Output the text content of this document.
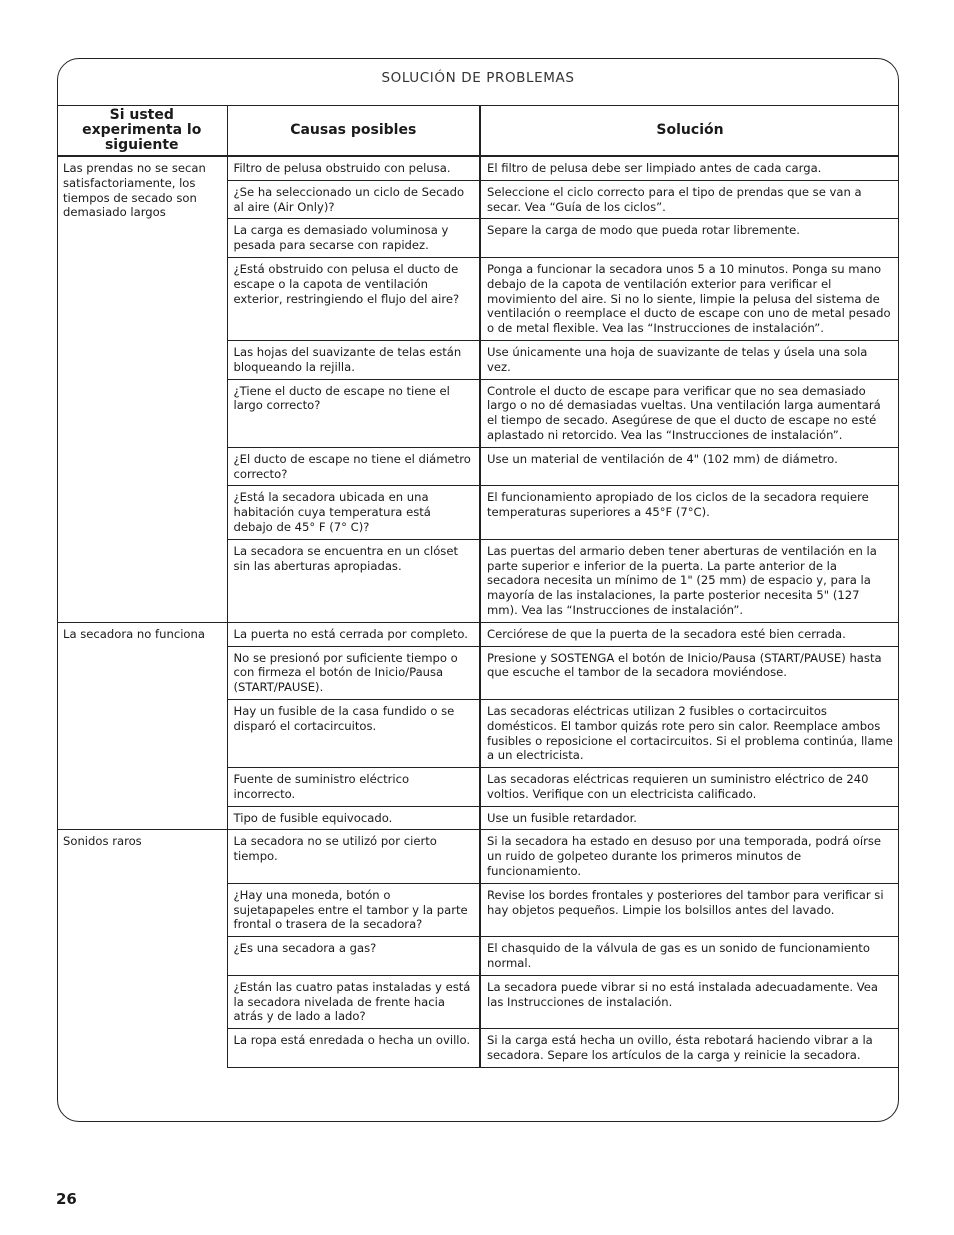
SOLUCIÓN DE PROBLEMAS
Si usted experimenta lo siguiente	Causas posibles	Solución
Las prendas no se secan satisfactoriamente, los tiempos de secado son demasiado largos	Filtro de pelusa obstruido con pelusa.	El filtro de pelusa debe ser limpiado antes de cada carga.
	¿Se ha seleccionado un ciclo de Secado al aire (Air Only)?	Seleccione el ciclo correcto para el tipo de prendas que se van a secar. Vea “Guía de los ciclos”.
	La carga es demasiado voluminosa y pesada para secarse con rapidez.	Separe la carga de modo que pueda rotar libremente.
	¿Está obstruido con pelusa el ducto de escape o la capota de ventilación exterior, restringiendo el flujo del aire?	Ponga a funcionar la secadora unos 5 a 10 minutos. Ponga su mano debajo de la capota de ventilación exterior para verificar el movimiento del aire. Si no lo siente, limpie la pelusa del sistema de ventilación o reemplace el ducto de escape con uno de metal pesado o de metal flexible. Vea las “Instrucciones de instalación”.
	Las hojas del suavizante de telas están bloqueando la rejilla.	Use únicamente una hoja de suavizante de telas y úsela una sola vez.
	¿Tiene el ducto de escape no tiene el largo correcto?	Controle el ducto de escape para verificar que no sea demasiado largo o no dé demasiadas vueltas. Una ventilación larga aumentará el tiempo de secado. Asegúrese de que el ducto de escape no esté aplastado ni retorcido. Vea las “Instrucciones de instalación”.
	¿El ducto de escape no tiene el diámetro correcto?	Use un material de ventilación de 4" (102 mm) de diámetro.
	¿Está la secadora ubicada en una habitación cuya temperatura está debajo de 45° F (7° C)?	El funcionamiento apropiado de los ciclos de la secadora requiere temperaturas superiores a 45°F (7°C).
	La secadora se encuentra en un clóset sin las aberturas apropiadas.	Las puertas del armario deben tener aberturas de ventilación en la parte superior e inferior de la puerta. La parte anterior de la secadora necesita un mínimo de 1" (25 mm) de espacio y, para la mayoría de las instalaciones, la parte posterior necesita 5" (127 mm). Vea las “Instrucciones de instalación”.
La secadora no funciona	La puerta no está cerrada por completo.	Cerciórese de que la puerta de la secadora esté bien cerrada.
	No se presionó por suficiente tiempo o con firmeza el botón de Inicio/Pausa (START/PAUSE).	Presione y SOSTENGA el botón de Inicio/Pausa (START/PAUSE) hasta que escuche el tambor de la secadora moviéndose.
	Hay un fusible de la casa fundido o se disparó el cortacircuitos.	Las secadoras eléctricas utilizan 2 fusibles o cortacircuitos domésticos. El tambor quizás rote pero sin calor. Reemplace ambos fusibles o reposicione el cortacircuitos. Si el problema continúa, llame a un electricista.
	Fuente de suministro eléctrico incorrecto.	Las secadoras eléctricas requieren un suministro eléctrico de 240 voltios. Verifique con un electricista calificado.
	Tipo de fusible equivocado.	Use un fusible retardador.
Sonidos raros	La secadora no se utilizó por cierto tiempo.	Si la secadora ha estado en desuso por una temporada, podrá oírse un ruido de golpeteo durante los primeros minutos de funcionamiento.
	¿Hay una moneda, botón o sujetapapeles entre el tambor y la parte frontal o trasera de la secadora?	Revise los bordes frontales y posteriores del tambor para verificar si hay objetos pequeños. Limpie los bolsillos antes del lavado.
	¿Es una secadora a gas?	El chasquido de la válvula de gas es un sonido de funcionamiento normal.
	¿Están las cuatro patas instaladas y está la secadora nivelada de frente hacia atrás y de lado a lado?	La secadora puede vibrar si no está instalada adecuadamente. Vea las Instrucciones de instalación.
	La ropa está enredada o hecha un ovillo.	Si la carga está hecha un ovillo, ésta rebotará haciendo vibrar a la secadora. Separe los artículos de la carga y reinicie la secadora.
26
